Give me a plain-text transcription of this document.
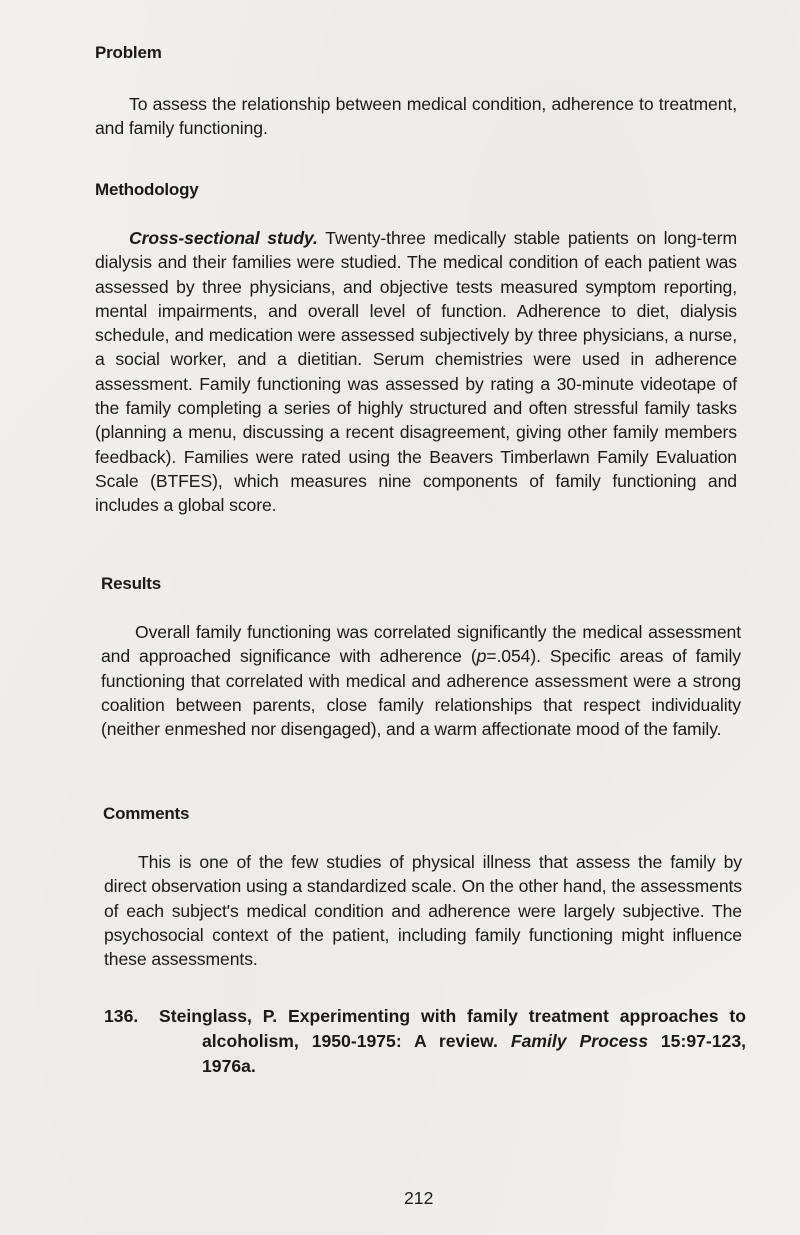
Problem

To assess the relationship between medical condition, adherence to treatment, and family functioning.

Methodology

Cross-sectional study. Twenty-three medically stable patients on long-term dialysis and their families were studied. The medical condition of each patient was assessed by three physicians, and objective tests measured symptom reporting, mental impairments, and overall level of function. Adherence to diet, dialysis schedule, and medication were assessed subjectively by three physicians, a nurse, a social worker, and a dietitian. Serum chemistries were used in adherence assessment. Family functioning was assessed by rating a 30-minute videotape of the family completing a series of highly structured and often stressful family tasks (planning a menu, discussing a recent disagreement, giving other family members feedback). Families were rated using the Beavers Timberlawn Family Evaluation Scale (BTFES), which measures nine components of family functioning and includes a global score.

Results

Overall family functioning was correlated significantly the medical assessment and approached significance with adherence (p=.054). Specific areas of family functioning that correlated with medical and adherence assessment were a strong coalition between parents, close family relationships that respect individuality (neither enmeshed nor disengaged), and a warm affectionate mood of the family.

Comments

This is one of the few studies of physical illness that assess the family by direct observation using a standardized scale. On the other hand, the assessments of each subject's medical condition and adherence were largely subjective. The psychosocial context of the patient, including family functioning might influence these assessments.

136. Steinglass, P. Experimenting with family treatment approaches to alcoholism, 1950-1975: A review. Family Process 15:97-123, 1976a.
212
